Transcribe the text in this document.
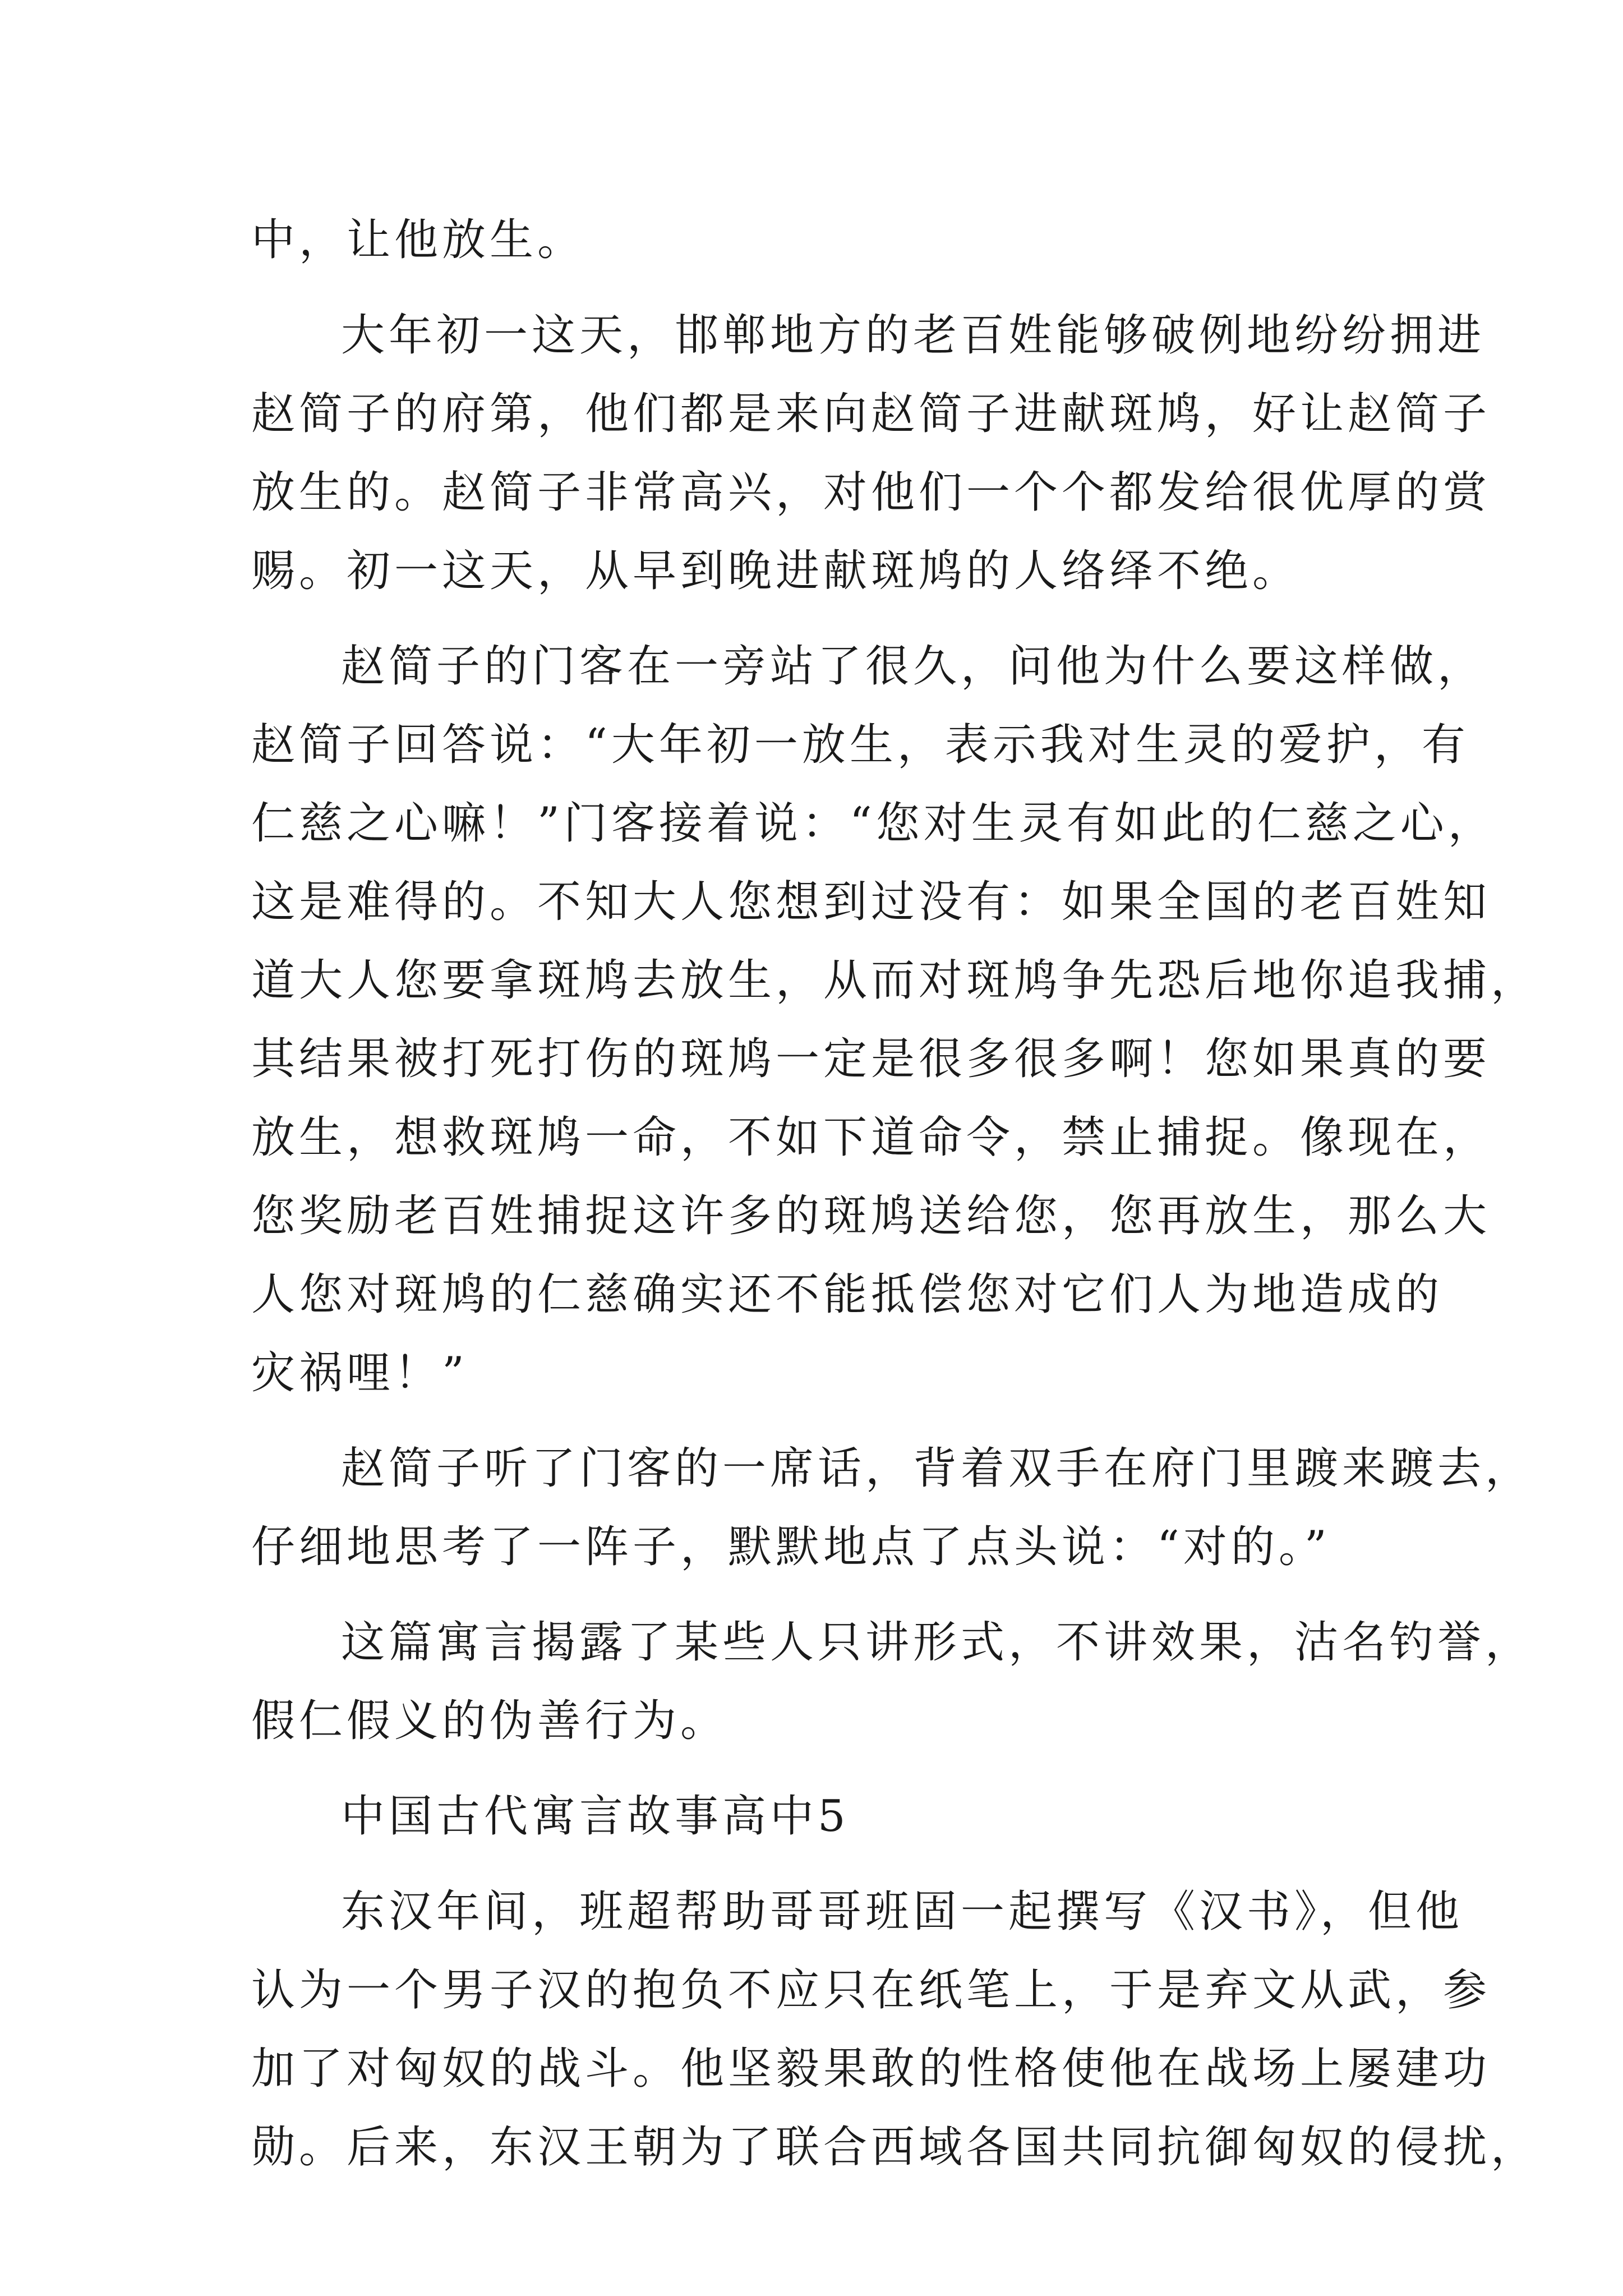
中，让他放生。
大年初一这天，邯郸地方的老百姓能够破例地纷纷拥进
赵简子的府第，他们都是来向赵简子进献斑鸠，好让赵简子
放生的。赵简子非常高兴，对他们一个个都发给很优厚的赏
赐。初一这天，从早到晚进献斑鸠的人络绎不绝。
赵简子的门客在一旁站了很久，问他为什么要这样做，
赵简子回答说：“大年初一放生，表示我对生灵的爱护，有
仁慈之心嘛！”门客接着说：“您对生灵有如此的仁慈之心，
这是难得的。不知大人您想到过没有：如果全国的老百姓知
道大人您要拿斑鸠去放生，从而对斑鸠争先恐后地你追我捕，
其结果被打死打伤的斑鸠一定是很多很多啊！您如果真的要
放生，想救斑鸠一命，不如下道命令，禁止捕捉。像现在，
您奖励老百姓捕捉这许多的斑鸠送给您，您再放生，那么大
人您对斑鸠的仁慈确实还不能抵偿您对它们人为地造成的
灾祸哩！”
赵简子听了门客的一席话，背着双手在府门里踱来踱去，
仔细地思考了一阵子，默默地点了点头说：“对的。”
这篇寓言揭露了某些人只讲形式，不讲效果，沽名钓誉，
假仁假义的伪善行为。
中国古代寓言故事高中5
东汉年间，班超帮助哥哥班固一起撰写《汉书》，但他
认为一个男子汉的抱负不应只在纸笔上，于是弃文从武，参
加了对匈奴的战斗。他坚毅果敢的性格使他在战场上屡建功
勋。后来，东汉王朝为了联合西域各国共同抗御匈奴的侵扰，
